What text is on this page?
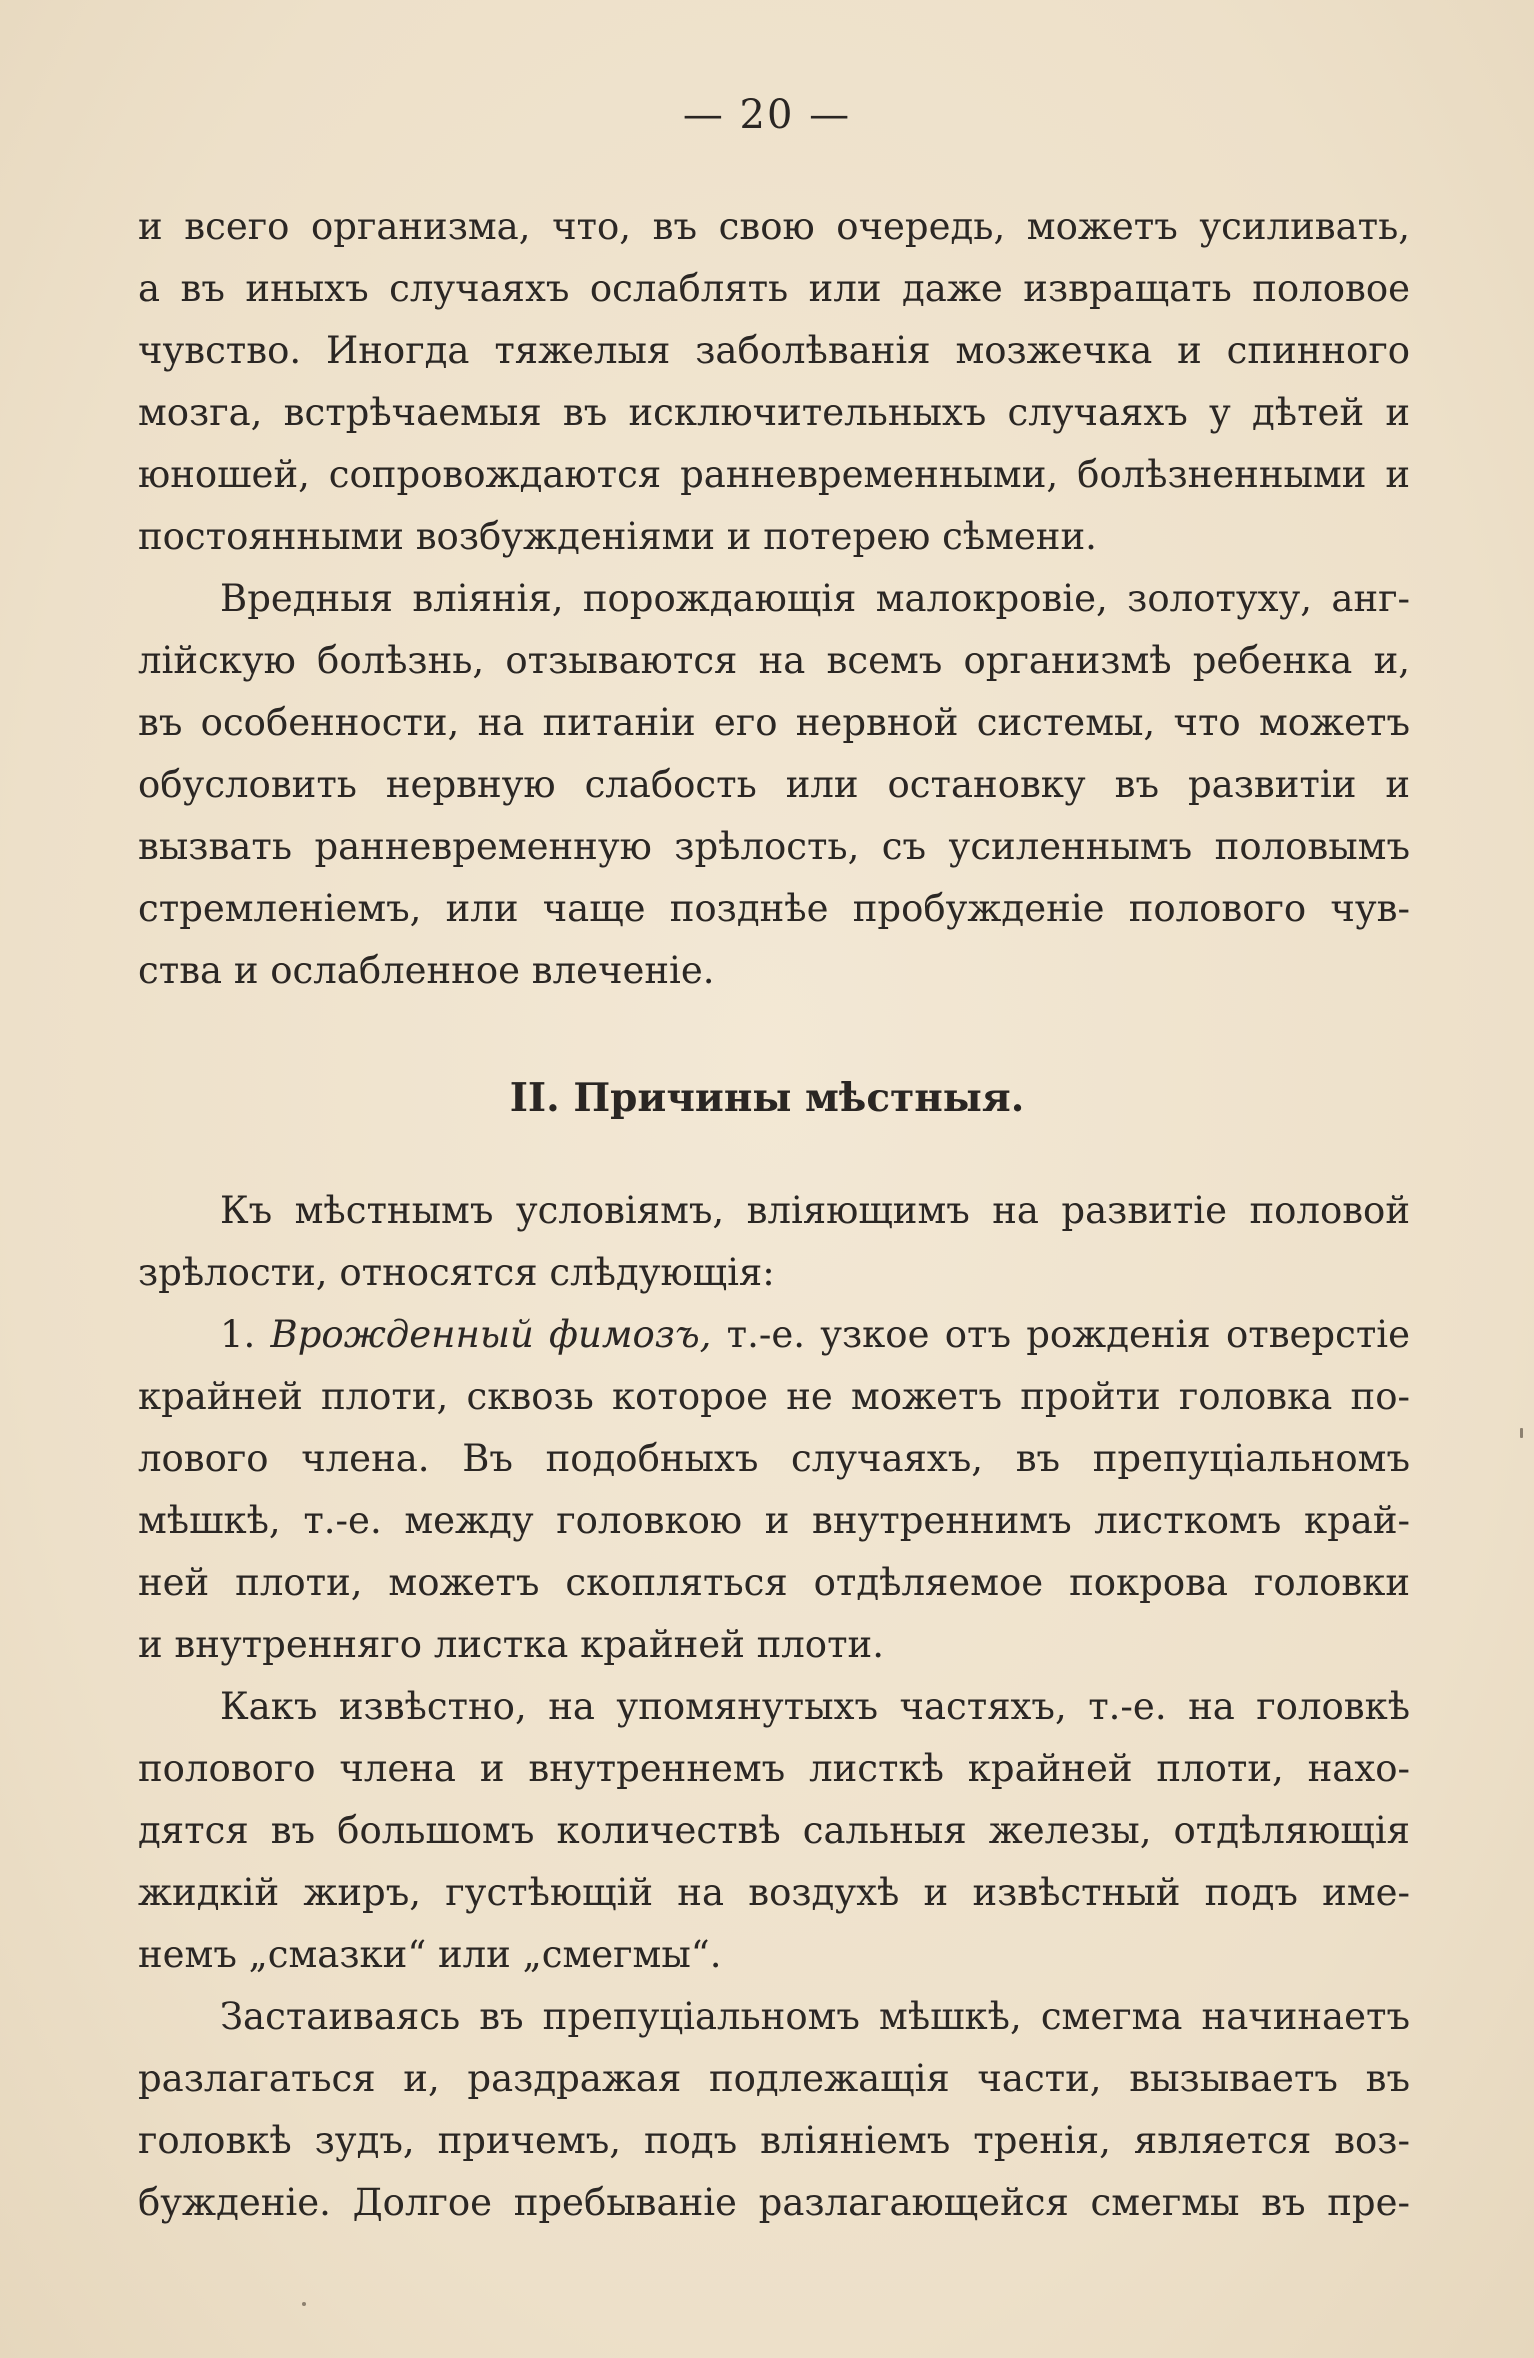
— 20 —
и всего организма, что, въ свою очередь, можетъ усиливать,
а въ иныхъ случаяхъ ослаблять или даже извращать половое
чувство. Иногда тяжелыя заболѣванія мозжечка и спинного
мозга, встрѣчаемыя въ исключительныхъ случаяхъ у дѣтей и
юношей, сопровождаются ранневременными, болѣзненными и
постоянными возбужденіями и потерею сѣмени.
Вредныя вліянія, порождающія малокровіе, золотуху, анг-
лійскую болѣзнь, отзываются на всемъ организмѣ ребенка и,
въ особенности, на питаніи его нервной системы, что можетъ
обусловить нервную слабость или остановку въ развитіи и
вызвать ранневременную зрѣлость, съ усиленнымъ половымъ
стремленіемъ, или чаще позднѣе пробужденіе полового чув-
ства и ослабленное влеченіе.
II. Причины мѣстныя.
Къ мѣстнымъ условіямъ, вліяющимъ на развитіе половой
зрѣлости, относятся слѣдующія:
1. Врожденный фимозъ, т.-е. узкое отъ рожденія отверстіе
крайней плоти, сквозь которое не можетъ пройти головка по-
лового члена. Въ подобныхъ случаяхъ, въ препуціальномъ
мѣшкѣ, т.-е. между головкою и внутреннимъ листкомъ край-
ней плоти, можетъ скопляться отдѣляемое покрова головки
и внутренняго листка крайней плоти.
Какъ извѣстно, на упомянутыхъ частяхъ, т.-е. на головкѣ
полового члена и внутреннемъ листкѣ крайней плоти, нахо-
дятся въ большомъ количествѣ сальныя железы, отдѣляющія
жидкій жиръ, густѣющій на воздухѣ и извѣстный подъ име-
немъ „смазки“ или „смегмы“.
Застаиваясь въ препуціальномъ мѣшкѣ, смегма начинаетъ
разлагаться и, раздражая подлежащія части, вызываетъ въ
головкѣ зудъ, причемъ, подъ вліяніемъ тренія, является воз-
бужденіе. Долгое пребываніе разлагающейся смегмы въ пре-
